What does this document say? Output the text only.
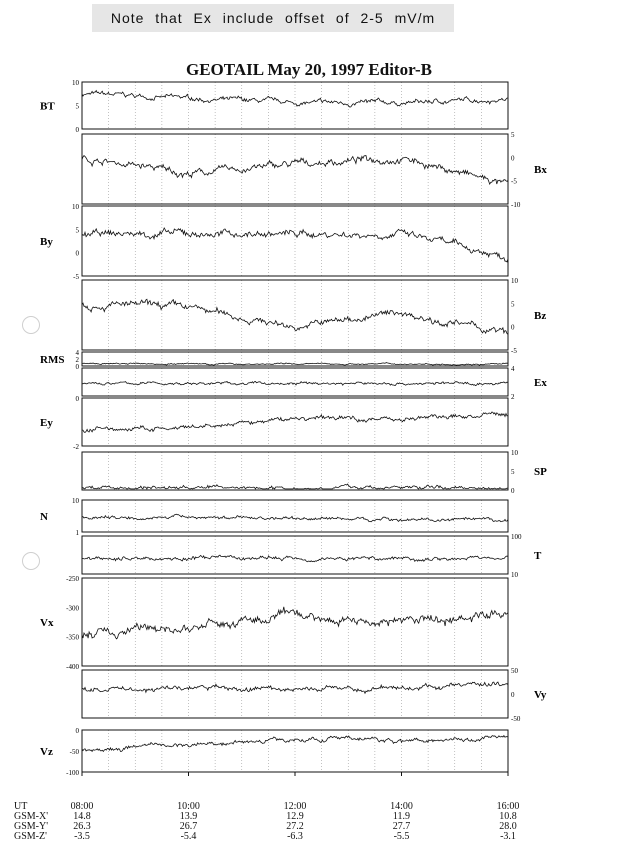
Note that Ex include offset of 2-5 mV/m
GEOTAIL May 20, 1997 Editor-B
10
5
0
BT
5
0
-5
-10
Bx
10
5
0
-5
By
10
5
0
-5
Bz
4
2
0
RMS
4
2
Ex
0
-2
Ey
10
5
0
SP
10
1
N
100
10
T
-250
-300
-350
-400
Vx
50
0
-50
Vy
0
-50
-100
Vz
UT
GSM-X'
GSM-Y'
GSM-Z'
08:00
14.8
26.3
-3.5
10:00
13.9
26.7
-5.4
12:00
12.9
27.2
-6.3
14:00
11.9
27.7
-5.5
16:00
10.8
28.0
-3.1
